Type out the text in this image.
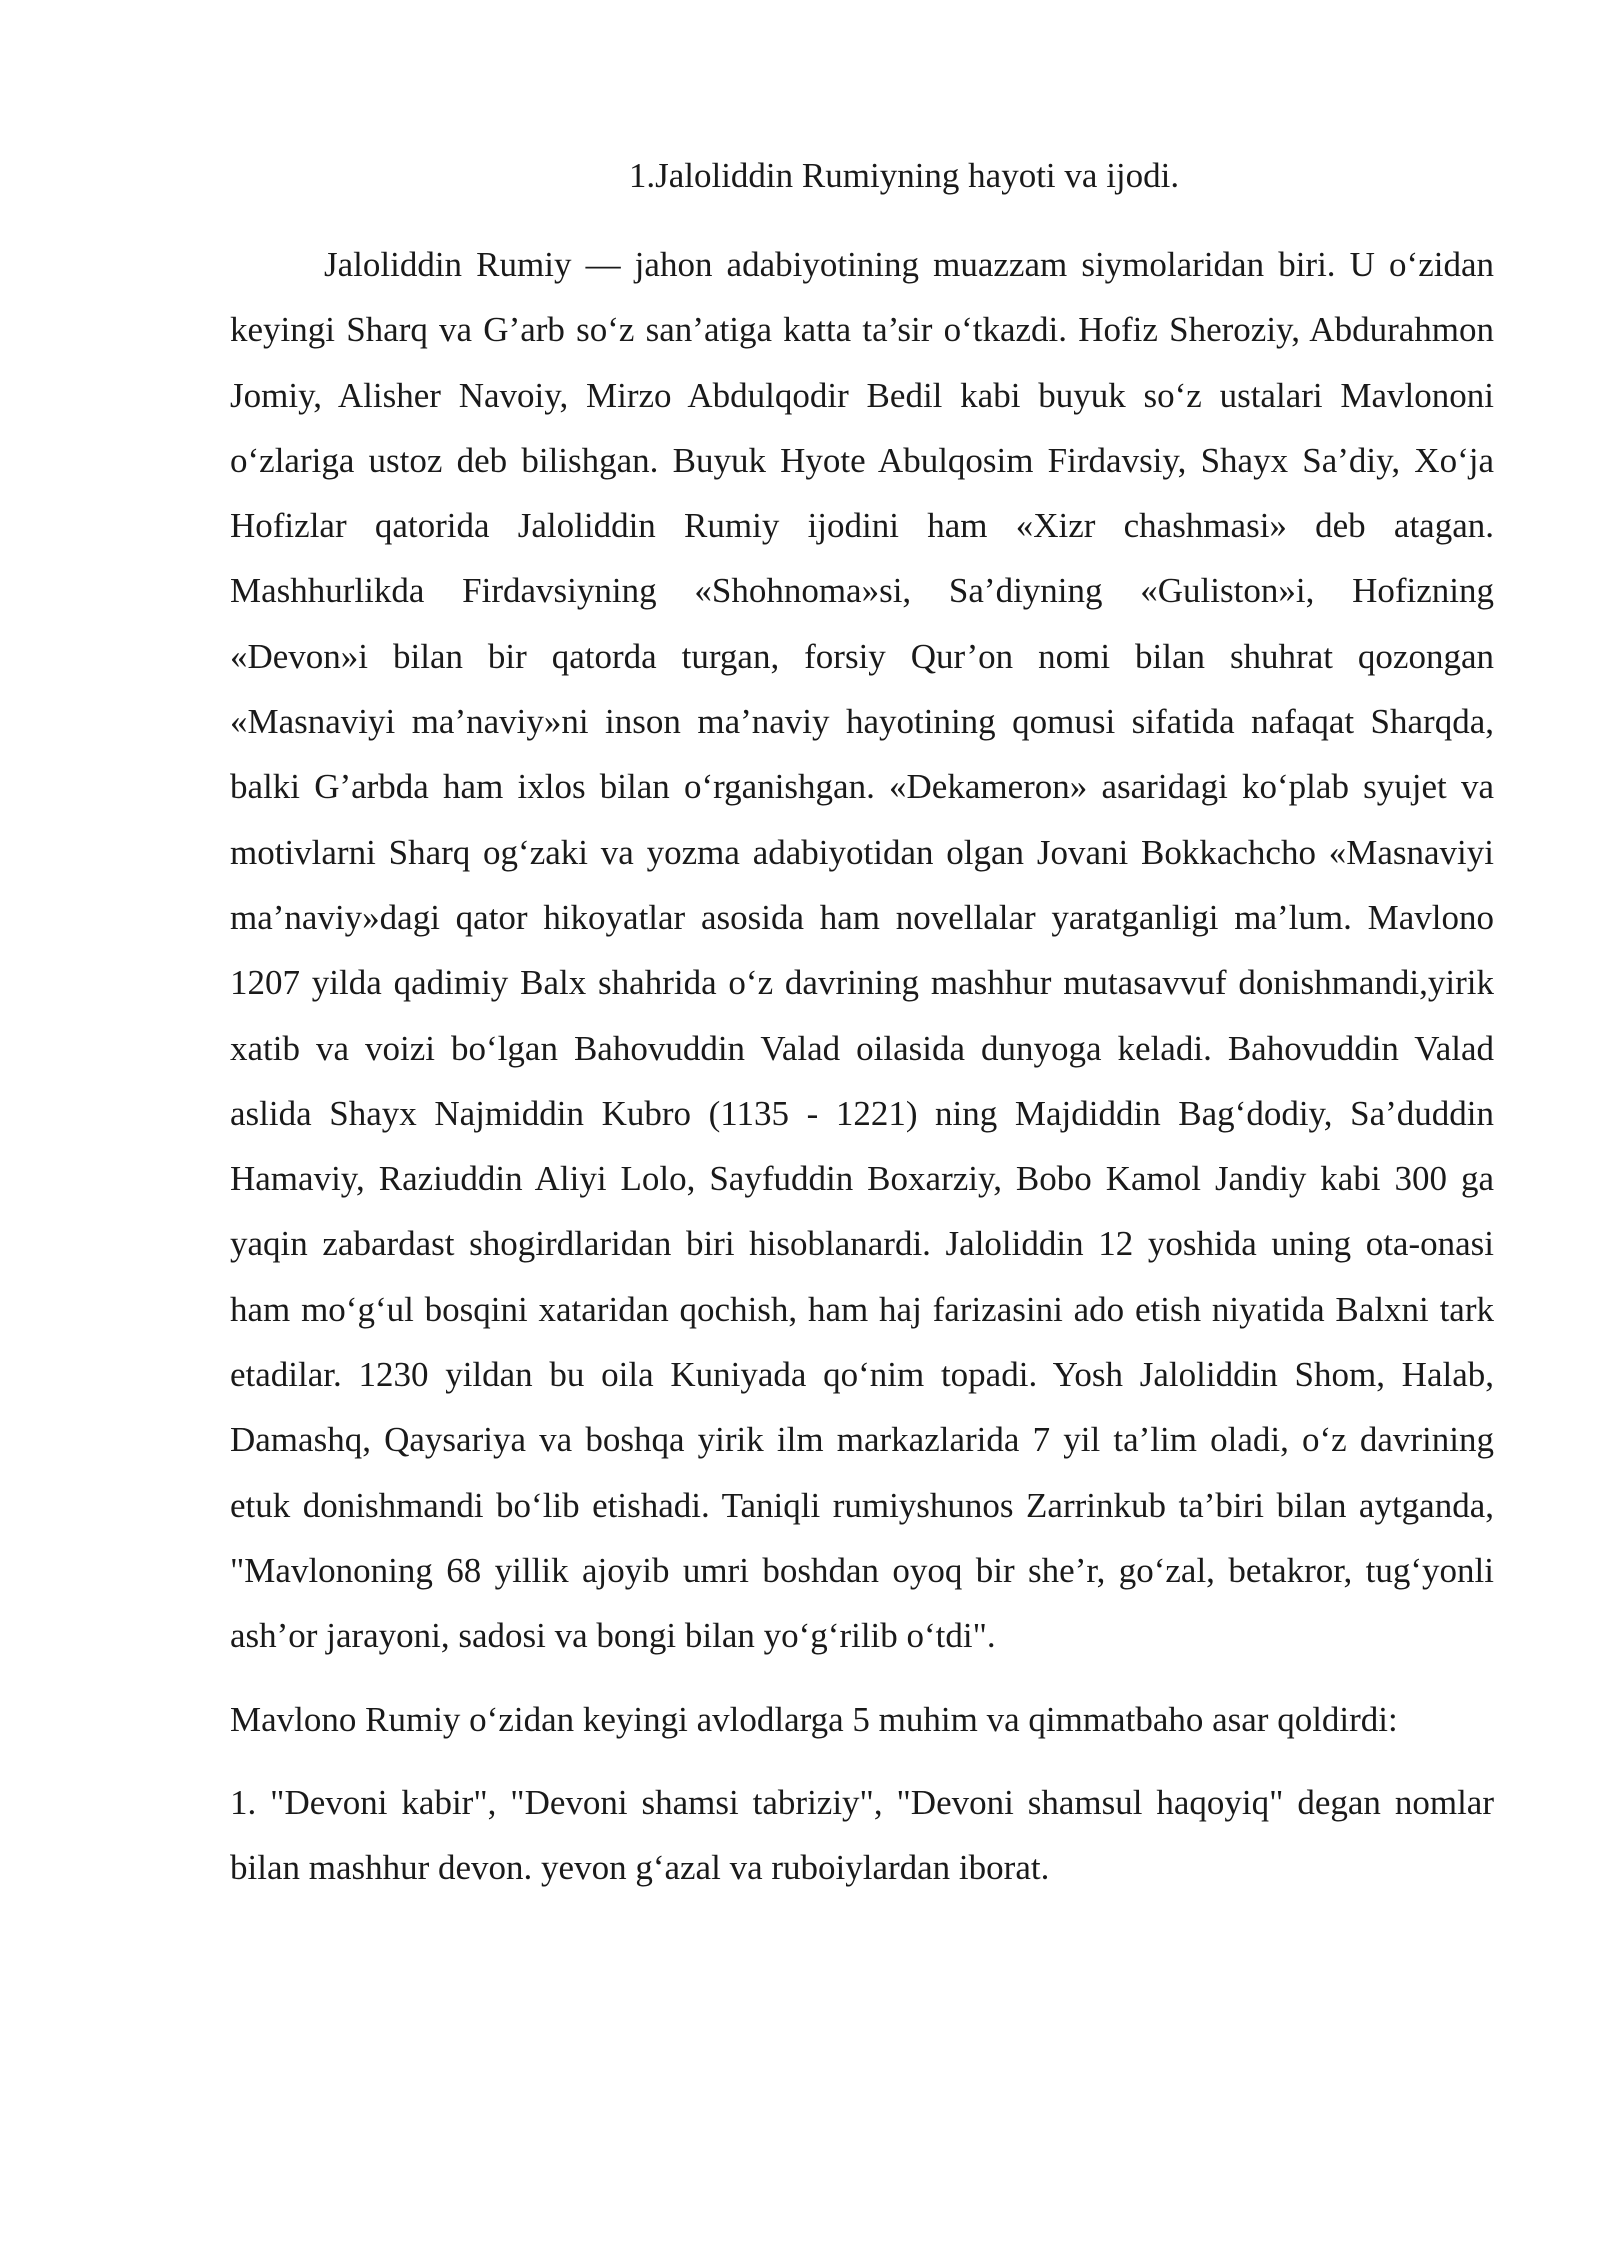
1.Jaloliddin Rumiyning hayoti va ijodi.

Jaloliddin Rumiy — jahon adabiyotining muazzam siymolaridan biri. U o‘zidan keyingi Sharq va G’arb so‘z san’atiga katta ta’sir o‘tkazdi. Hofiz Sheroziy, Abdurahmon Jomiy, Alisher Navoiy, Mirzo Abdulqodir Bedil kabi buyuk so‘z ustalari Mavlononi o‘zlariga ustoz deb bilishgan. Buyuk Hyote Abulqosim Firdavsiy, Shayx Sa’diy, Xo‘ja Hofizlar qatorida Jaloliddin Rumiy ijodini ham «Xizr chashmasi» deb atagan. Mashhurlikda Firdavsiyning «Shohnoma»si, Sa’diyning «Guliston»i, Hofizning «Devon»i bilan bir qatorda turgan, forsiy Qur’on nomi bilan shuhrat qozongan «Masnaviyi ma’naviy»ni inson ma’naviy hayotining qomusi sifatida nafaqat Sharqda, balki G’arbda ham ixlos bilan o‘rganishgan. «Dekameron» asaridagi ko‘plab syujet va motivlarni Sharq og‘zaki va yozma adabiyotidan olgan Jovani Bokkachcho «Masnaviyi ma’naviy»dagi qator hikoyatlar asosida ham novellalar yaratganligi ma’lum. Mavlono 1207 yilda qadimiy Balx shahrida o‘z davrining mashhur mutasavvuf donishmandi,yirik xatib va voizi bo‘lgan Bahovuddin Valad oilasida dunyoga keladi. Bahovuddin Valad aslida Shayx Najmiddin Kubro (1135 - 1221) ning Majdiddin Bag‘dodiy, Sa’duddin Hamaviy, Raziuddin Aliyi Lolo, Sayfuddin Boxarziy, Bobo Kamol Jandiy kabi 300 ga yaqin zabardast shogirdlaridan biri hisoblanardi. Jaloliddin 12 yoshida uning ota-onasi ham mo‘g‘ul bosqini xataridan qochish, ham haj farizasini ado etish niyatida Balxni tark etadilar. 1230 yildan bu oila Kuniyada qo‘nim topadi. Yosh Jaloliddin Shom, Halab, Damashq, Qaysariya va boshqa yirik ilm markazlarida 7 yil ta’lim oladi, o‘z davrining etuk donishmandi bo‘lib etishadi. Taniqli rumiyshunos Zarrinkub ta’biri bilan aytganda, "Mavlononing 68 yillik ajoyib umri boshdan oyoq bir she’r, go‘zal, betakror, tug‘yonli ash’or jarayoni, sadosi va bongi bilan yo‘g‘rilib o‘tdi".

Mavlono Rumiy o‘zidan keyingi avlodlarga 5 muhim va qimmatbaho asar qoldirdi:

1. "Devoni kabir", "Devoni shamsi tabriziy", "Devoni shamsul haqoyiq" degan nomlar bilan mashhur devon. yevon g‘azal va ruboiylardan iborat.
